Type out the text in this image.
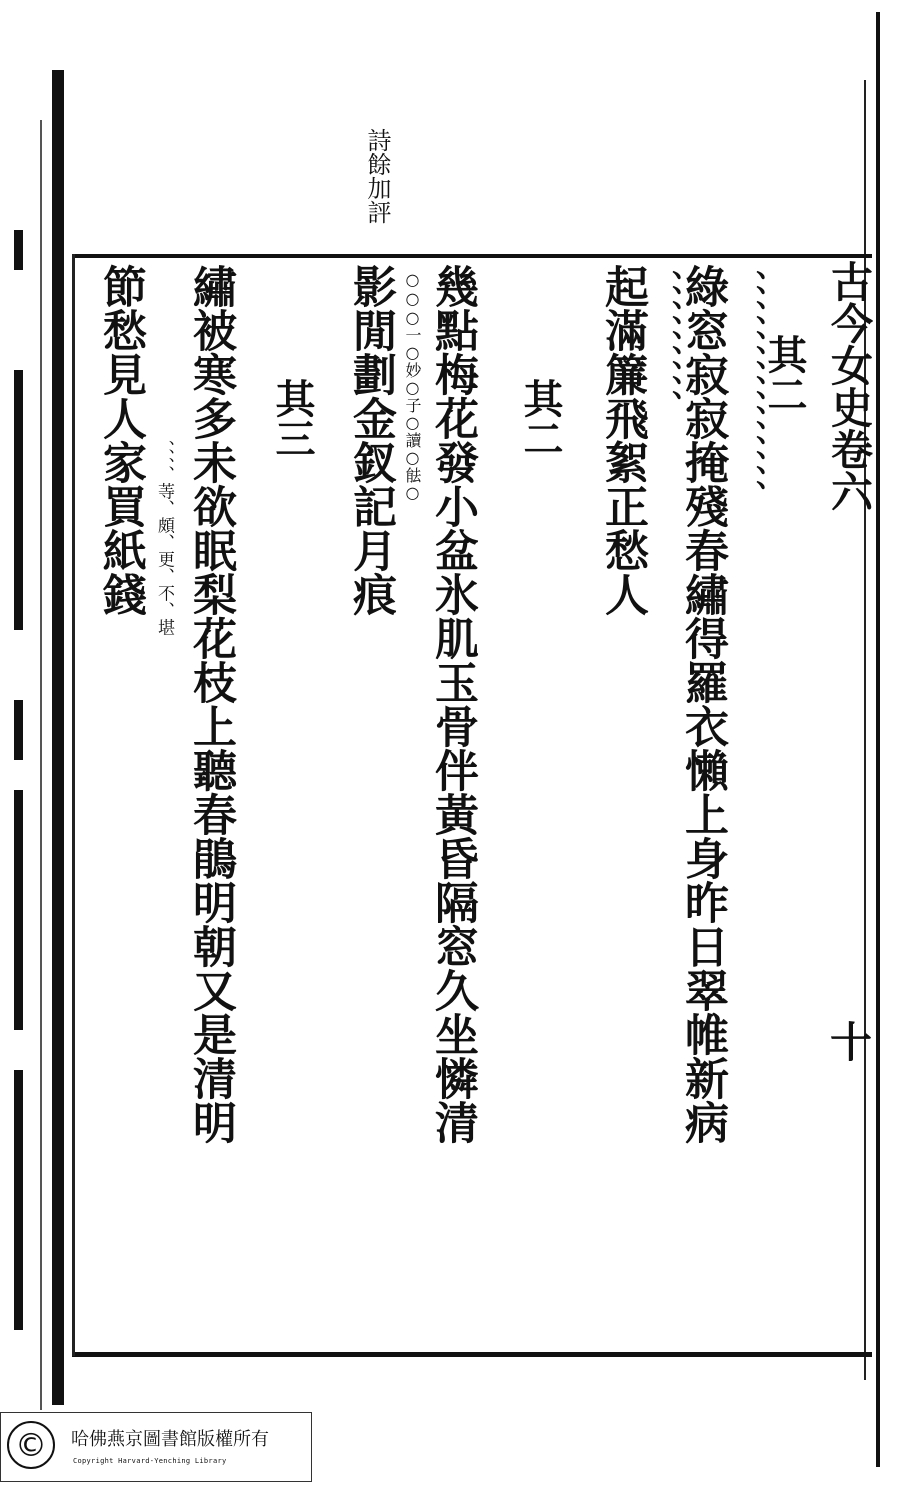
詩餘加評
古今女史卷六
十
其二
綠窓寂寂掩殘春繡得羅衣懶上身昨日翠帷新病 、、、、、、、、、、、、、、、
起滿簾飛絮正愁人 、、、、、、、、、
其二
幾點梅花發小盆氷肌玉骨伴黃昏隔窓久坐憐清
影閒劃金釵記月痕 ○○○一○妙○子○讀○䏻○
其三
繡被寒多未欲眠梨花枝上聽春鵑明朝又是清明
節愁見人家買紙錢 、、、、䓁、頗、更、不、堪
©	哈佛燕京圖書館版權所有
Copyright Harvard-Yenching Library
